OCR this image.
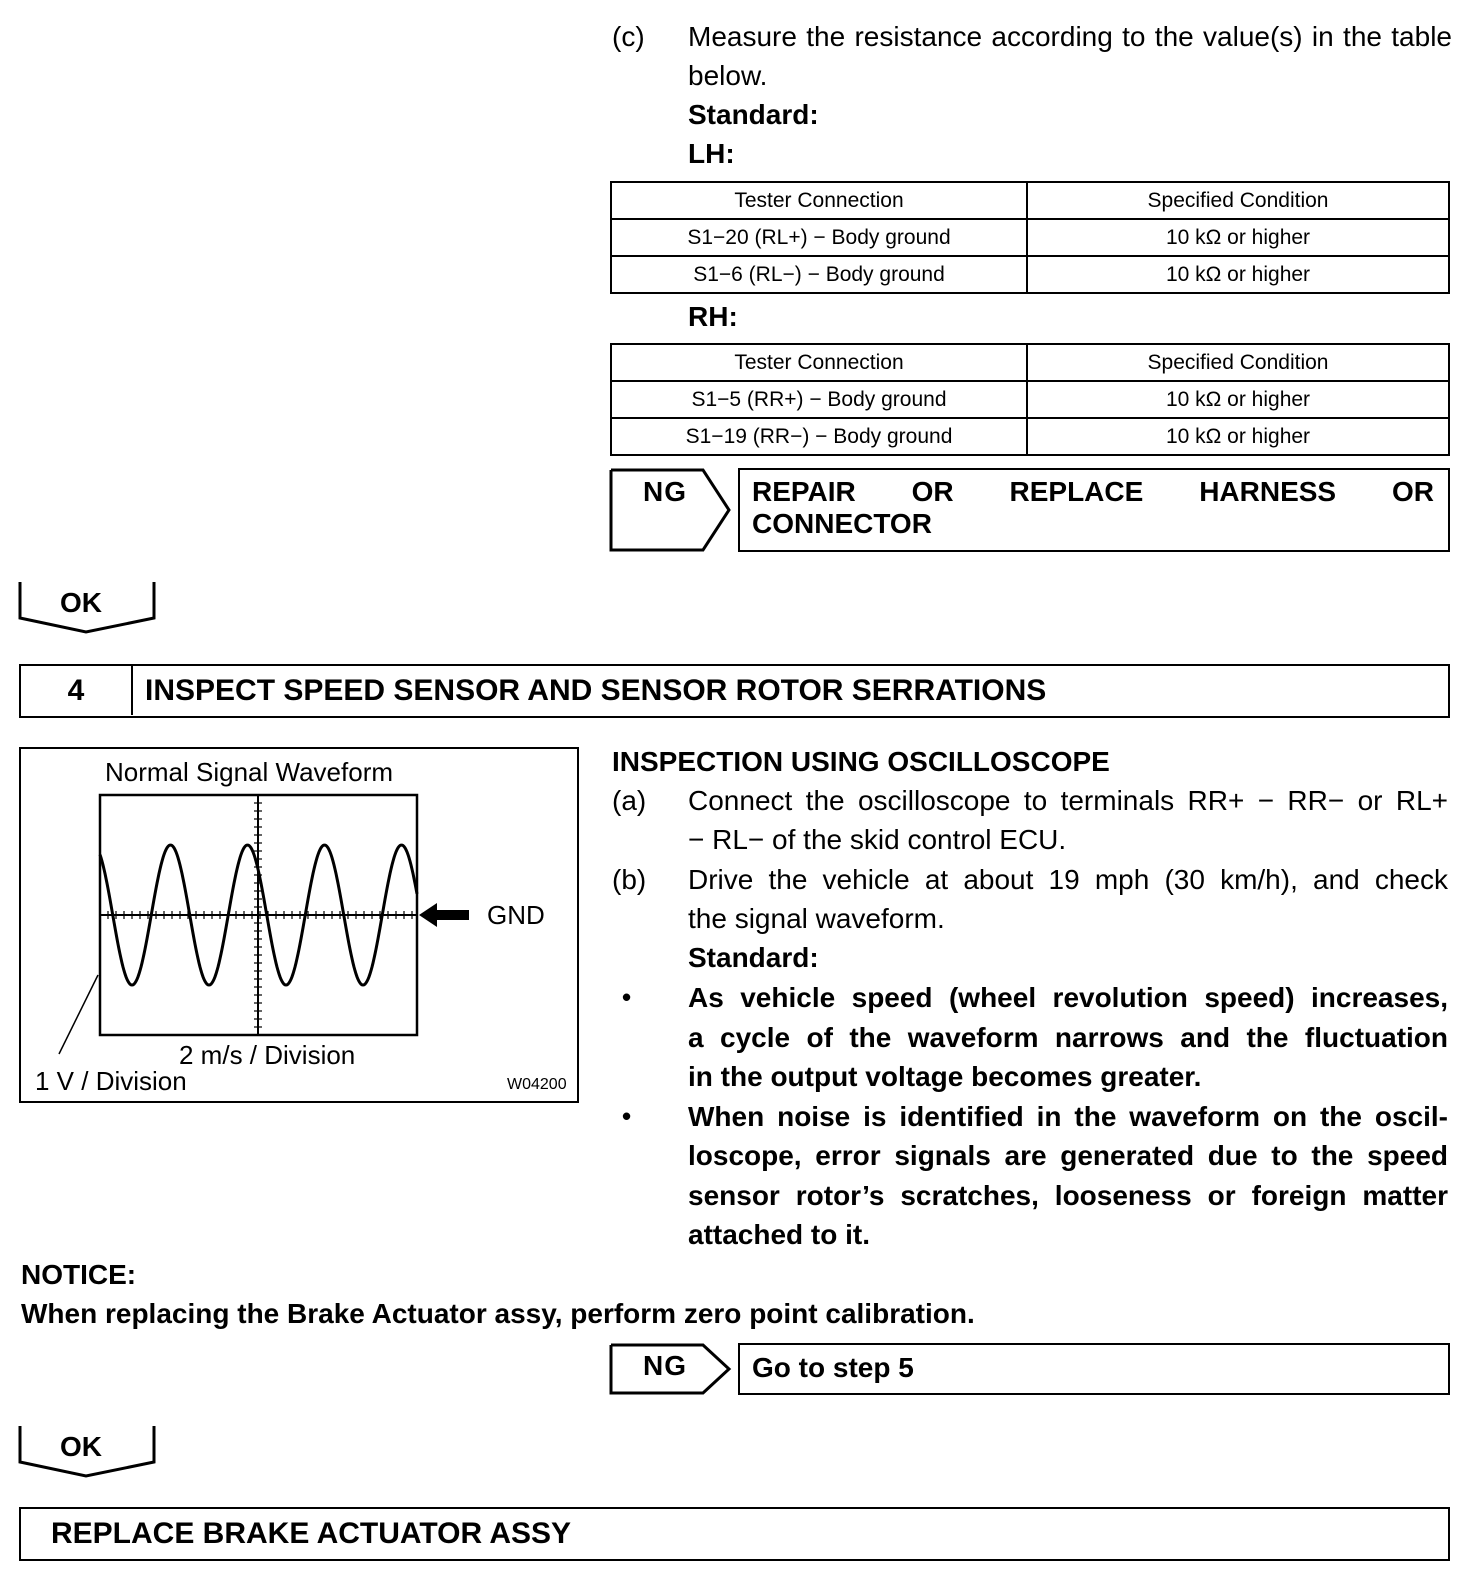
(c)	Measure the resistance according to the value(s) in the table below.
Standard:
LH:
Tester Connection	Specified Condition
S1−20 (RL+) − Body ground	10 kΩ or higher
S1−6 (RL−) − Body ground	10 kΩ or higher
RH:
Tester Connection	Specified Condition
S1−5 (RR+) − Body ground	10 kΩ or higher
S1−19 (RR−) − Body ground	10 kΩ or higher
NG REPAIR OR REPLACE HARNESS OR
CONNECTOR
OK
4	INSPECT SPEED SENSOR AND SENSOR ROTOR SERRATIONS
Normal Signal Waveform
GND
2 m/s / Division
1 V / Division	W04200
INSPECTION USING OSCILLOSCOPE
(a) Connect the oscilloscope to terminals RR+ − RR− or RL+
− RL− of the skid control ECU.
(b) Drive the vehicle at about 19 mph (30 km/h), and check
the signal waveform.
Standard:
• As vehicle speed (wheel revolution speed) increases,
a cycle of the waveform narrows and the fluctuation
in the output voltage becomes greater.
• When noise is identified in the waveform on the oscil-
loscope, error signals are generated due to the speed
sensor rotor’s scratches, looseness or foreign matter
attached to it.
NOTICE:
When replacing the Brake Actuator assy, perform zero point calibration.
NG Go to step 5
OK
REPLACE BRAKE ACTUATOR ASSY
